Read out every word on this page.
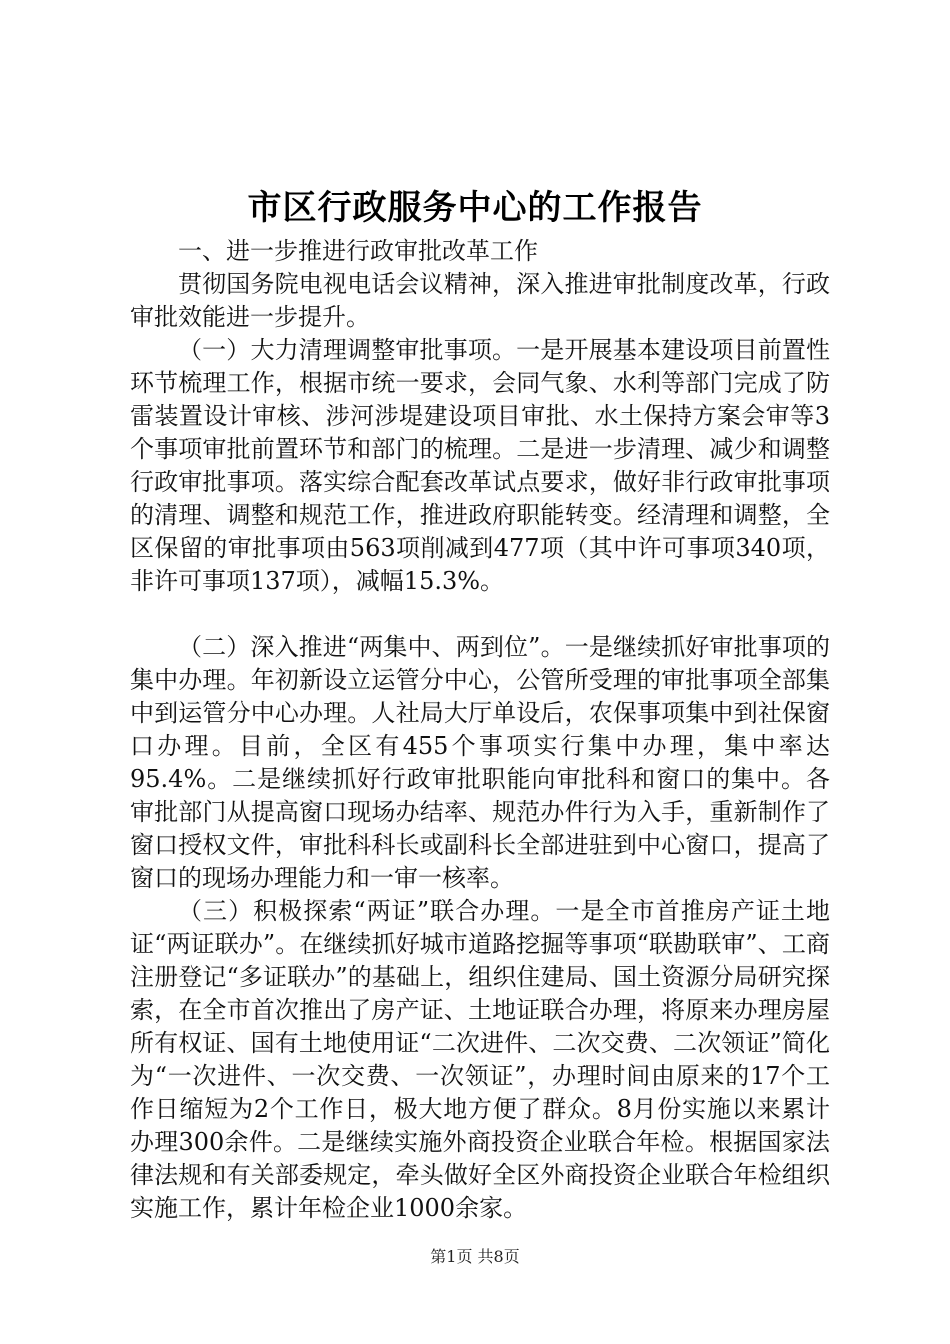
市区行政服务中心的工作报告

一、进一步推进行政审批改革工作

贯彻国务院电视电话会议精神，深入推进审批制度改革，行政审批效能进一步提升。

（一）大力清理调整审批事项。一是开展基本建设项目前置性环节梳理工作，根据市统一要求，会同气象、水利等部门完成了防雷装置设计审核、涉河涉堤建设项目审批、水土保持方案会审等3个事项审批前置环节和部门的梳理。二是进一步清理、减少和调整行政审批事项。落实综合配套改革试点要求，做好非行政审批事项的清理、调整和规范工作，推进政府职能转变。经清理和调整，全区保留的审批事项由563项削减到477项（其中许可事项340项，非许可事项137项），减幅15.3%。

（二）深入推进“两集中、两到位”。一是继续抓好审批事项的集中办理。年初新设立运管分中心，公管所受理的审批事项全部集中到运管分中心办理。人社局大厅单设后，农保事项集中到社保窗口办理。目前，全区有455个事项实行集中办理，集中率达95.4%。二是继续抓好行政审批职能向审批科和窗口的集中。各审批部门从提高窗口现场办结率、规范办件行为入手，重新制作了窗口授权文件，审批科科长或副科长全部进驻到中心窗口，提高了窗口的现场办理能力和一审一核率。

（三）积极探索“两证”联合办理。一是全市首推房产证土地证“两证联办”。在继续抓好城市道路挖掘等事项“联勘联审”、工商注册登记“多证联办”的基础上，组织住建局、国土资源分局研究探索，在全市首次推出了房产证、土地证联合办理，将原来办理房屋所有权证、国有土地使用证“二次进件、二次交费、二次领证”简化为“一次进件、一次交费、一次领证”，办理时间由原来的17个工作日缩短为2个工作日，极大地方便了群众。8月份实施以来累计办理300余件。二是继续实施外商投资企业联合年检。根据国家法律法规和有关部委规定，牵头做好全区外商投资企业联合年检组织实施工作，累计年检企业1000余家。

第1页 共8页
